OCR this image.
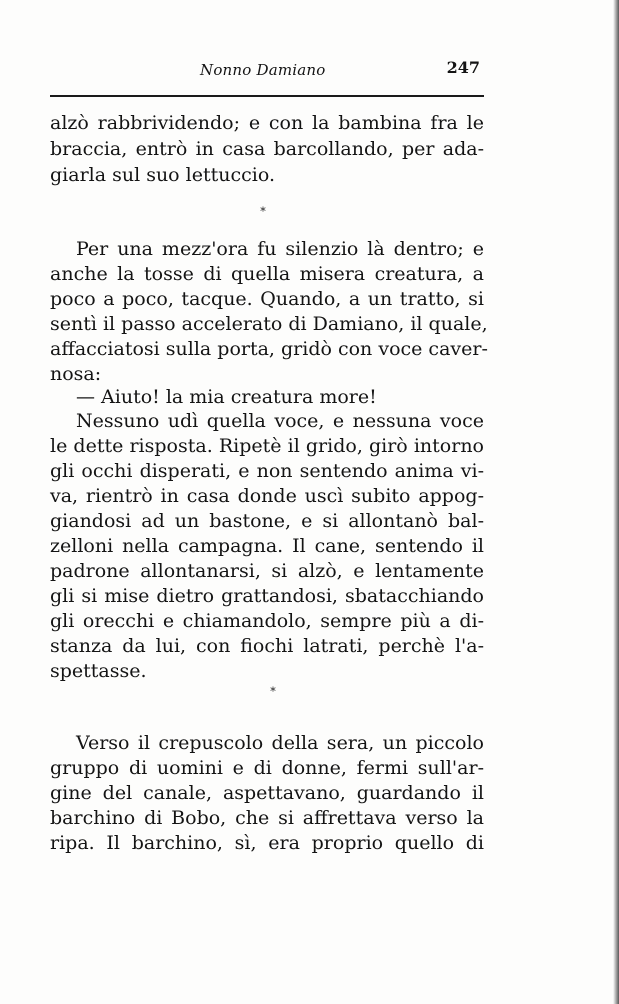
Nonno Damiano	247
alzò rabbrividendo; e con la bambina fra le
braccia, entrò in casa barcollando, per ada-
giarla sul suo lettuccio.
*
Per una mezz'ora fu silenzio là dentro; e
anche la tosse di quella misera creatura, a
poco a poco, tacque. Quando, a un tratto, si
sentì il passo accelerato di Damiano, il quale,
affacciatosi sulla porta, gridò con voce caver-
nosa:
— Aiuto! la mia creatura more!
Nessuno udì quella voce, e nessuna voce
le dette risposta. Ripetè il grido, girò intorno
gli occhi disperati, e non sentendo anima vi-
va, rientrò in casa donde uscì subito appog-
giandosi ad un bastone, e si allontanò bal-
zelloni nella campagna. Il cane, sentendo il
padrone allontanarsi, si alzò, e lentamente
gli si mise dietro grattandosi, sbatacchiando
gli orecchi e chiamandolo, sempre più a di-
stanza da lui, con fiochi latrati, perchè l'a-
spettasse.
*
Verso il crepuscolo della sera, un piccolo
gruppo di uomini e di donne, fermi sull'ar-
gine del canale, aspettavano, guardando il
barchino di Bobo, che si affrettava verso la
ripa. Il barchino, sì, era proprio quello di
